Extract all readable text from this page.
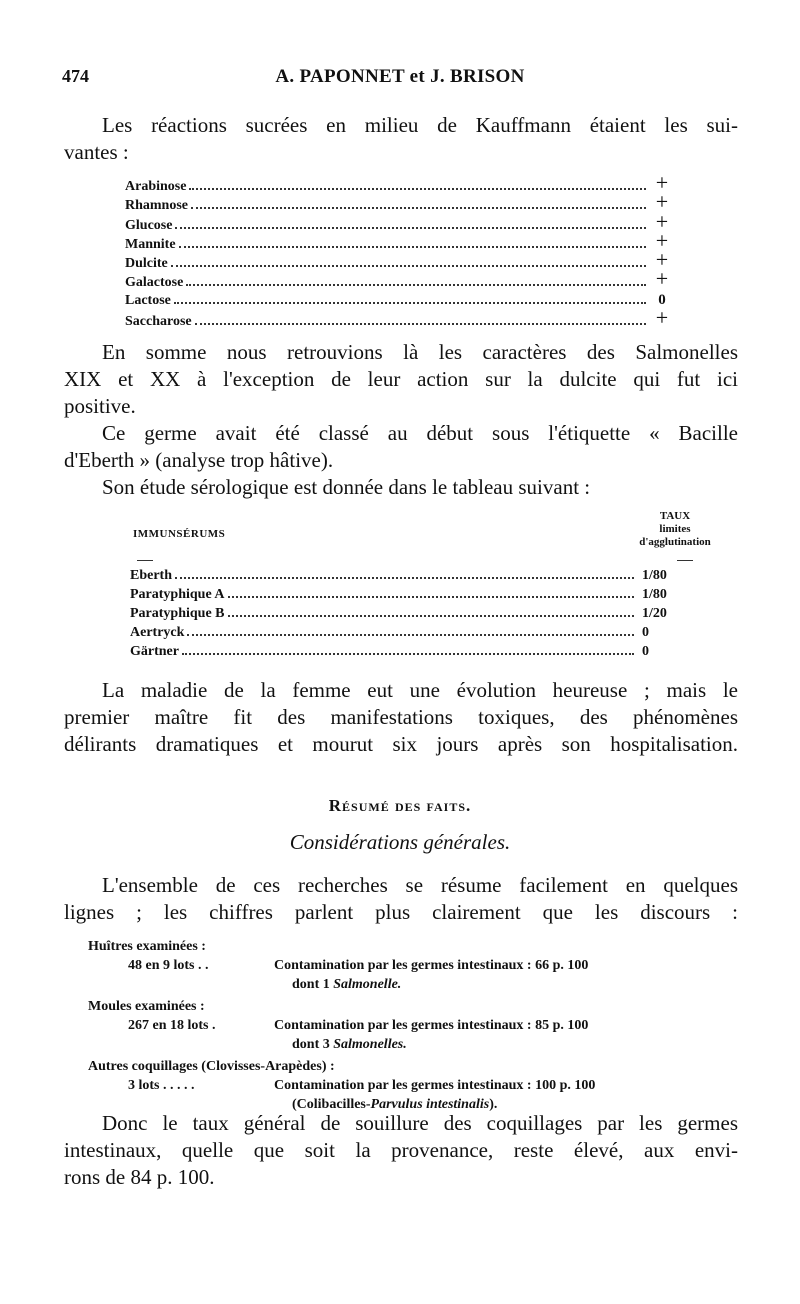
474	A. PAPONNET et J. BRISON
Les réactions sucrées en milieu de Kauffmann étaient les sui-
vantes :
Arabinose	+
Rhamnose	+
Glucose	+
Mannite	+
Dulcite	+
Galactose	+
Lactose	0
Saccharose	+
En somme nous retrouvions là les caractères des Salmonelles
XIX et XX à l'exception de leur action sur la dulcite qui fut ici
positive.
Ce germe avait été classé au début sous l'étiquette « Bacille
d'Eberth » (analyse trop hâtive).
Son étude sérologique est donnée dans le tableau suivant :
IMMUNSÉRUMS
TAUX
limites
d'agglutination
Eberth	1/80
Paratyphique A	1/80
Paratyphique B	1/20
Aertryck	0
Gärtner	0
La maladie de la femme eut une évolution heureuse ; mais le
premier maître fit des manifestations toxiques, des phénomènes
délirants dramatiques et mourut six jours après son hospitalisation.
Résumé des faits.
Considérations générales.
L'ensemble de ces recherches se résume facilement en quelques
lignes ; les chiffres parlent plus clairement que les discours :
Huîtres examinées :
48 en 9 lots . .	Contamination par les germes intestinaux : 66 p. 100
dont 1 Salmonelle.
Moules examinées :
267 en 18 lots .	Contamination par les germes intestinaux : 85 p. 100
dont 3 Salmonelles.
Autres coquillages (Clovisses-Arapèdes) :
3 lots . . . . .	Contamination par les germes intestinaux : 100 p. 100
(Colibacilles-Parvulus intestinalis).
Donc le taux général de souillure des coquillages par les germes
intestinaux, quelle que soit la provenance, reste élevé, aux envi-
rons de 84 p. 100.
